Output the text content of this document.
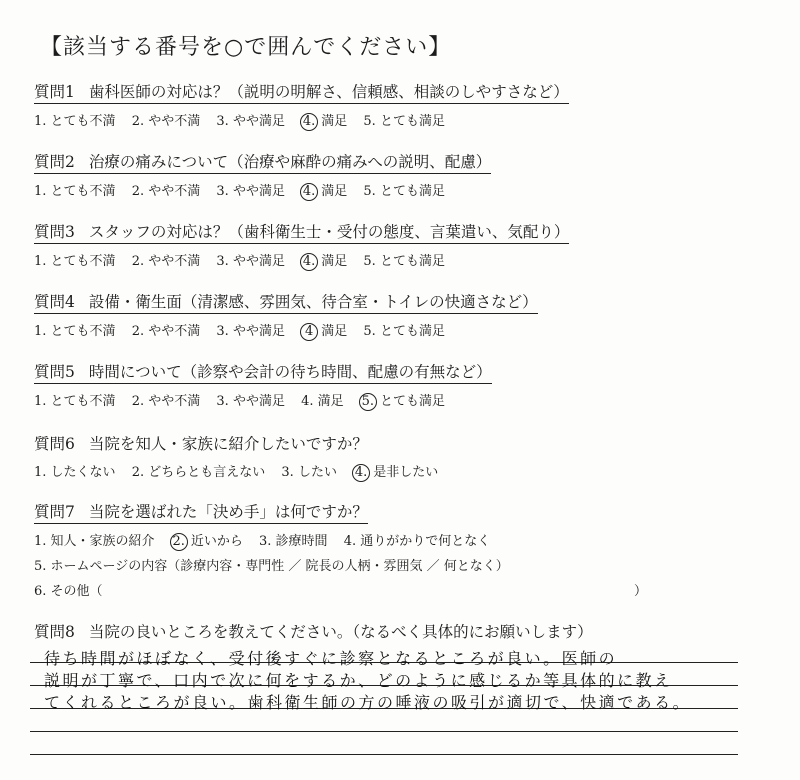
【該当する番号を○で囲んでください】
質問1 歯科医師の対応は？（説明の明解さ、信頼感、相談のしやすさなど）
1. とても不満 2. やや不満 3. やや満足 4. 満足 5. とても満足
質問2 治療の痛みについて（治療や麻酔の痛みへの説明、配慮）
1. とても不満 2. やや不満 3. やや満足 4. 満足 5. とても満足
質問3 スタッフの対応は？（歯科衛生士・受付の態度、言葉遣い、気配り）
1. とても不満 2. やや不満 3. やや満足 4. 満足 5. とても満足
質問4 設備・衛生面（清潔感、雰囲気、待合室・トイレの快適さなど）
1. とても不満 2. やや不満 3. やや満足 4 満足 5. とても満足
質問5 時間について（診察や会計の待ち時間、配慮の有無など）
1. とても不満 2. やや不満 3. やや満足 4. 満足 5. とても満足
質問6 当院を知人・家族に紹介したいですか？
1. したくない 2. どちらとも言えない 3. したい 4. 是非したい
質問7 当院を選ばれた「決め手」は何ですか？
1. 知人・家族の紹介 2. 近いから 3. 診療時間 4. 通りがかりで何となく
5. ホームページの内容（診療内容・専門性 ／ 院長の人柄・雰囲気 ／ 何となく）
6. その他（	）
質問8 当院の良いところを教えてください。（なるべく具体的にお願いします）
待ち時間がほぼなく、受付後すぐに診察となるところが良い。医師の
説明が丁寧で、口内で次に何をするか、どのように感じるか等具体的に教え
てくれるところが良い。歯科衛生師の方の唾液の吸引が適切で、快適である。
